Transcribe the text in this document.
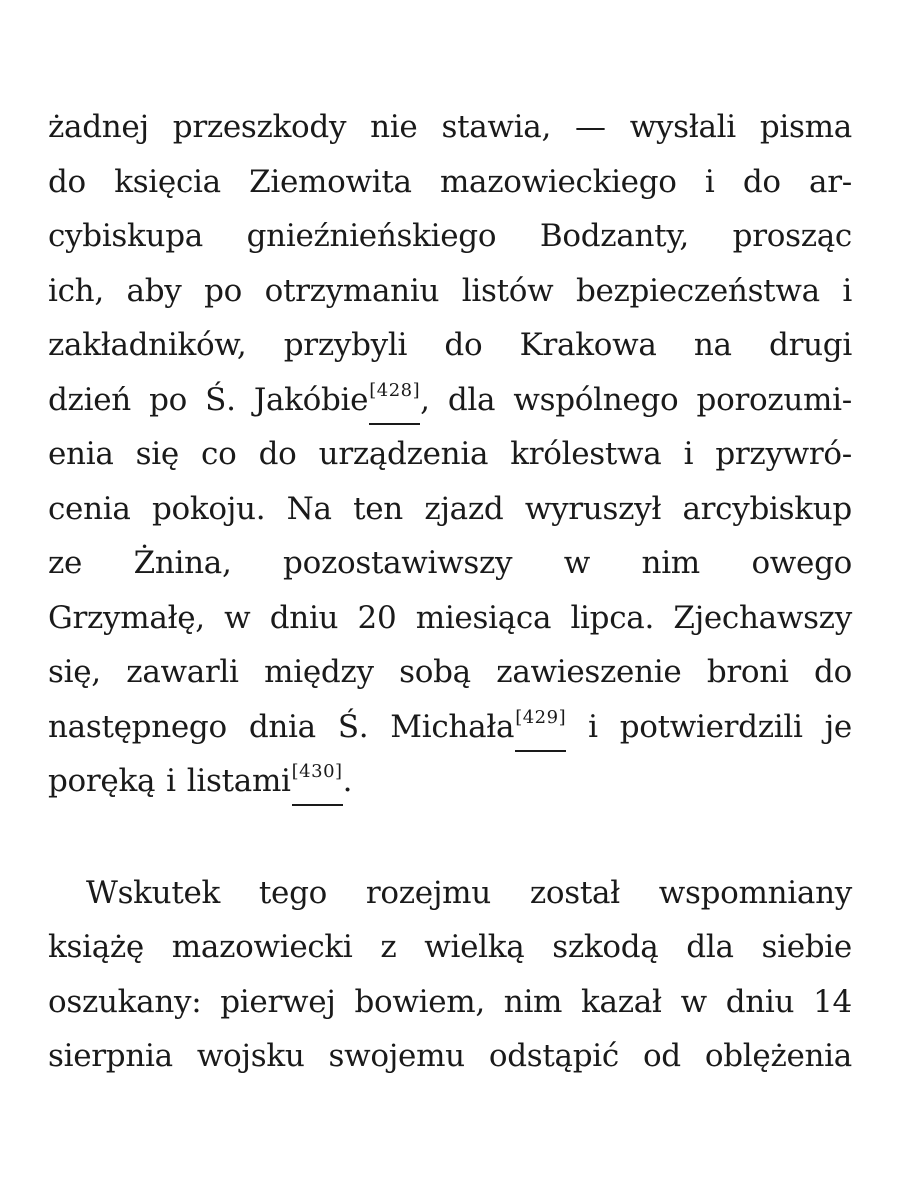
żadnej przeszkody nie stawia, — wysłali pisma
do księcia Ziemowita mazowieckiego i do ar-
cybiskupa gnieźnieńskiego Bodzanty, prosząc
ich, aby po otrzymaniu listów bezpieczeństwa i
zakładników, przybyli do Krakowa na drugi
dzień po Ś. Jakóbie[428], dla wspólnego porozumi-
enia się co do urządzenia królestwa i przywró-
cenia pokoju. Na ten zjazd wyruszył arcybiskup
ze Żnina, pozostawiwszy w nim owego
Grzymałę, w dniu 20 miesiąca lipca. Zjechawszy
się, zawarli między sobą zawieszenie broni do
następnego dnia Ś. Michała[429] i potwierdzili je
poręką i listami[430].
Wskutek tego rozejmu został wspomniany
książę mazowiecki z wielką szkodą dla siebie
oszukany: pierwej bowiem, nim kazał w dniu 14
sierpnia wojsku swojemu odstąpić od oblężenia
